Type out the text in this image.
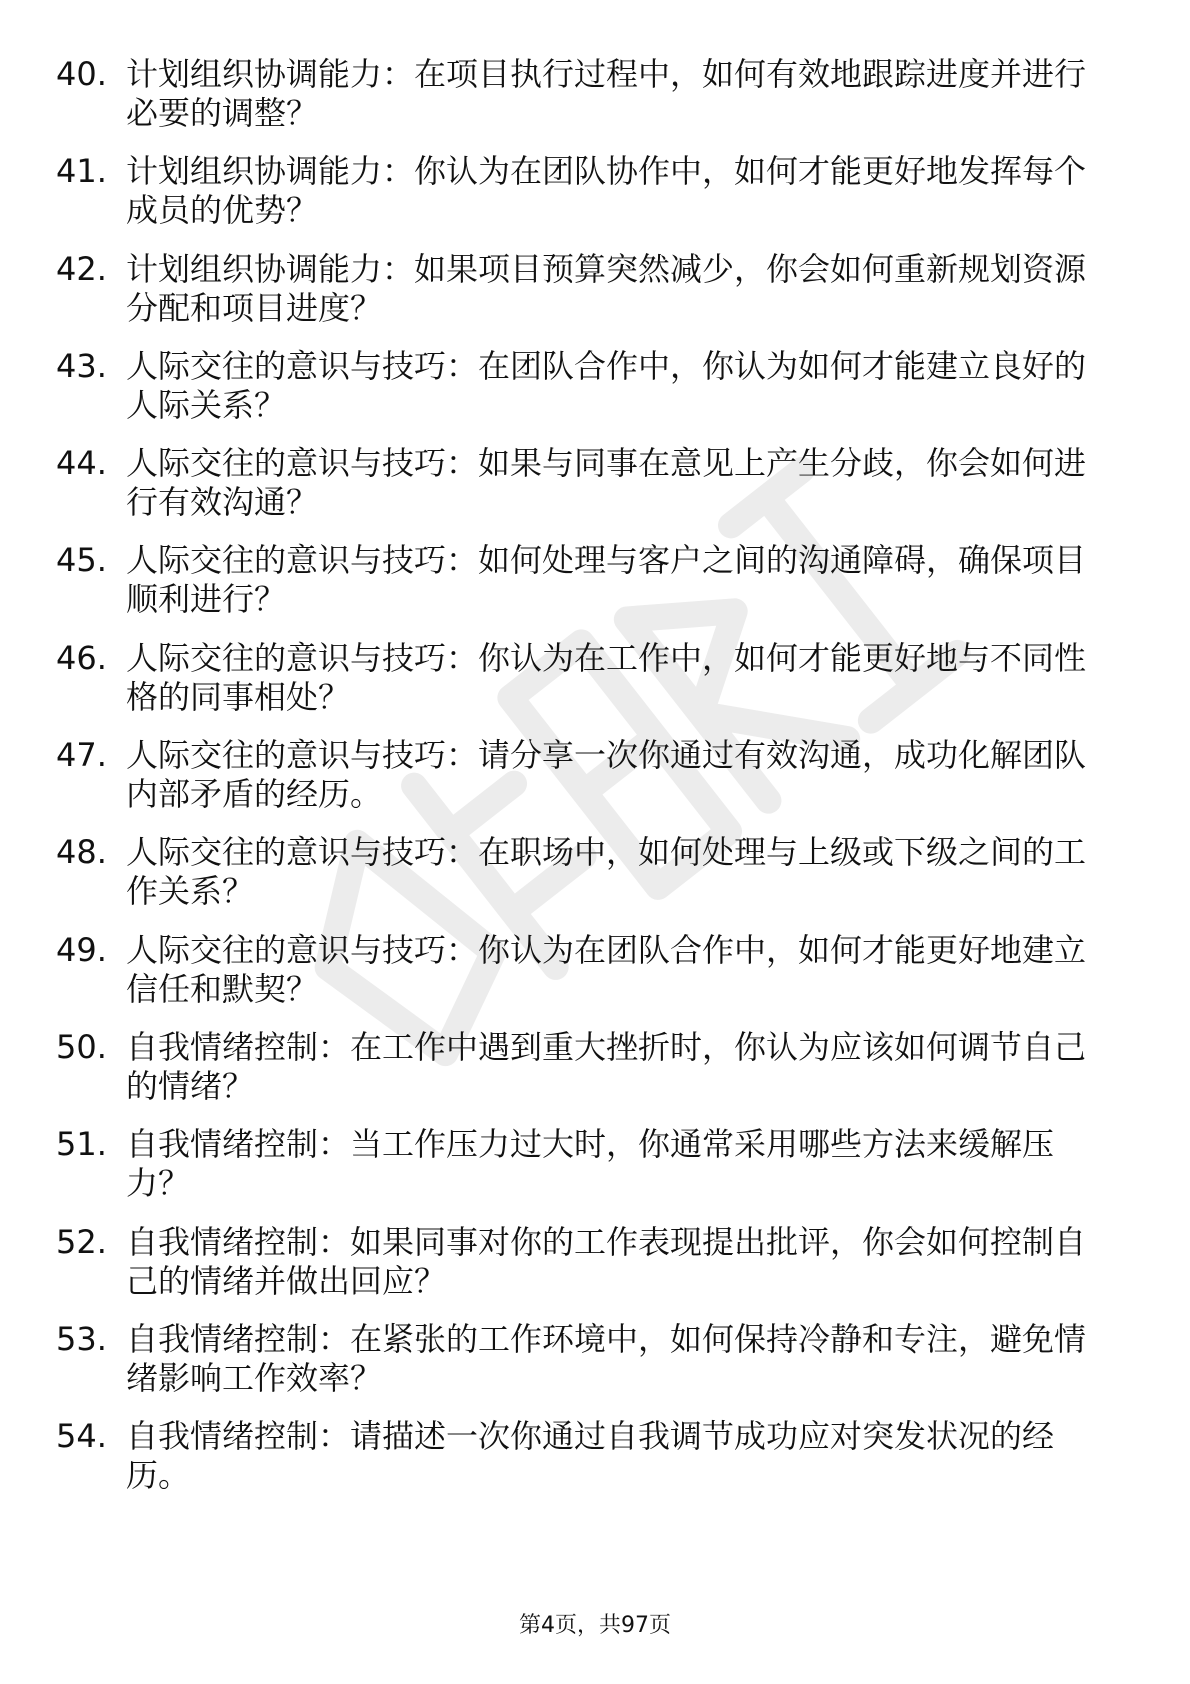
40. 计划组织协调能力：在项目执行过程中，如何有效地跟踪进度并进行必要的调整？
41. 计划组织协调能力：你认为在团队协作中，如何才能更好地发挥每个成员的优势？
42. 计划组织协调能力：如果项目预算突然减少，你会如何重新规划资源分配和项目进度？
43. 人际交往的意识与技巧：在团队合作中，你认为如何才能建立良好的人际关系？
44. 人际交往的意识与技巧：如果与同事在意见上产生分歧，你会如何进行有效沟通？
45. 人际交往的意识与技巧：如何处理与客户之间的沟通障碍，确保项目顺利进行？
46. 人际交往的意识与技巧：你认为在工作中，如何才能更好地与不同性格的同事相处？
47. 人际交往的意识与技巧：请分享一次你通过有效沟通，成功化解团队内部矛盾的经历。
48. 人际交往的意识与技巧：在职场中，如何处理与上级或下级之间的工作关系？
49. 人际交往的意识与技巧：你认为在团队合作中，如何才能更好地建立信任和默契？
50. 自我情绪控制：在工作中遇到重大挫折时，你认为应该如何调节自己的情绪？
51. 自我情绪控制：当工作压力过大时，你通常采用哪些方法来缓解压力？
52. 自我情绪控制：如果同事对你的工作表现提出批评，你会如何控制自己的情绪并做出回应？
53. 自我情绪控制：在紧张的工作环境中，如何保持冷静和专注，避免情绪影响工作效率？
54. 自我情绪控制：请描述一次你通过自我调节成功应对突发状况的经历。
第4页，共97页
